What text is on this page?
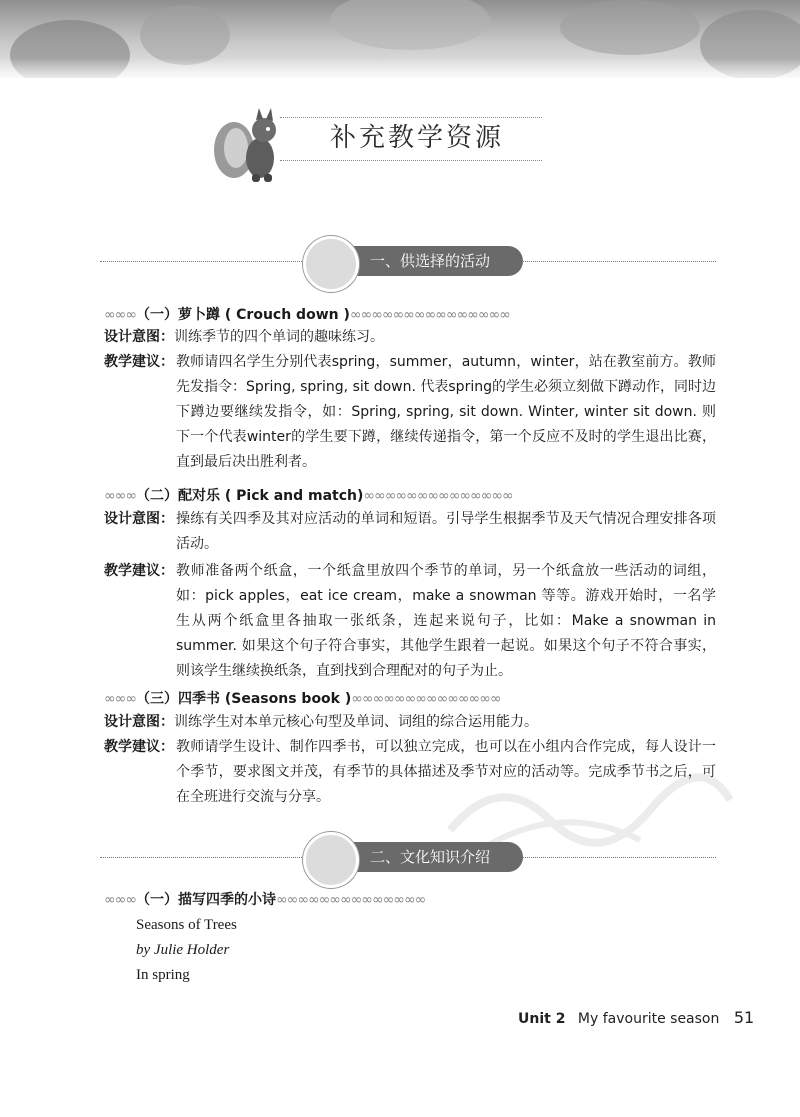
补充教学资源
一、供选择的活动
∞∞∞（一）萝卜蹲 ( Crouch down )∞∞∞∞∞∞∞∞∞∞∞∞∞∞∞
设计意图：训练季节的四个单词的趣味练习。
教学建议： 教师请四名学生分别代表spring，summer，autumn，winter，站在教室前方。教师先发指令：Spring, spring, sit down. 代表spring的学生必须立刻做下蹲动作，同时边下蹲边要继续发指令，如：Spring, spring, sit down. Winter, winter sit down. 则下一个代表winter的学生要下蹲，继续传递指令，第一个反应不及时的学生退出比赛，直到最后决出胜利者。
∞∞∞（二）配对乐 ( Pick and match)∞∞∞∞∞∞∞∞∞∞∞∞∞∞
设计意图： 操练有关四季及其对应活动的单词和短语。引导学生根据季节及天气情况合理安排各项活动。
教学建议： 教师准备两个纸盒，一个纸盒里放四个季节的单词，另一个纸盒放一些活动的词组，如：pick apples，eat ice cream，make a snowman 等等。游戏开始时，一名学生从两个纸盒里各抽取一张纸条，连起来说句子，比如：Make a snowman in summer. 如果这个句子符合事实，其他学生跟着一起说。如果这个句子不符合事实，则该学生继续换纸条，直到找到合理配对的句子为止。
∞∞∞（三）四季书 (Seasons book )∞∞∞∞∞∞∞∞∞∞∞∞∞∞
设计意图：训练学生对本单元核心句型及单词、词组的综合运用能力。
教学建议： 教师请学生设计、制作四季书，可以独立完成，也可以在小组内合作完成，每人设计一个季节，要求图文并茂，有季节的具体描述及季节对应的活动等。完成季节书之后，可在全班进行交流与分享。
二、文化知识介绍
∞∞∞（一）描写四季的小诗∞∞∞∞∞∞∞∞∞∞∞∞∞∞
Seasons of Trees
by Julie Holder
In spring
Unit 2 My favourite season 51
